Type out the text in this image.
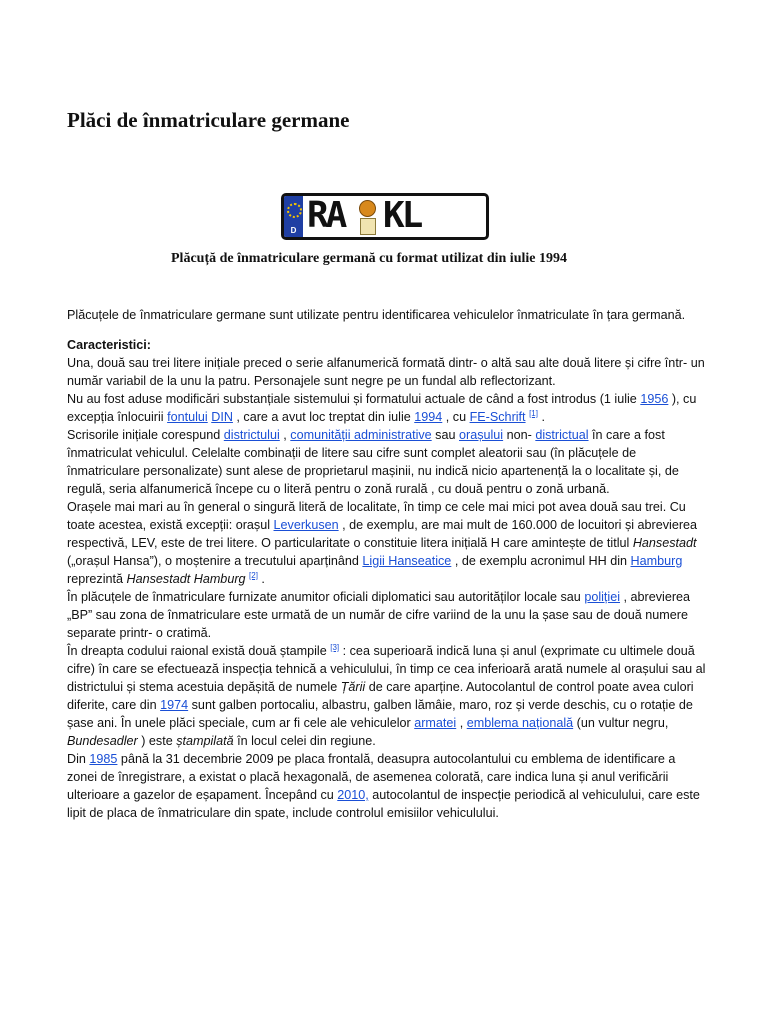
Plăci de înmatriculare germane
D RA KL
Plăcuță de înmatriculare germană cu format utilizat din iulie 1994

Plăcuțele de înmatriculare germane sunt utilizate pentru identificarea vehiculelor înmatriculate în țara germană.

Caracteristici:

Una, două sau trei litere inițiale preced o serie alfanumerică formată dintr- o altă sau alte două litere și cifre într- un număr variabil de la unu la patru. Personajele sunt negre pe un fundal alb reflectorizant.

Nu au fost aduse modificări substanțiale sistemului și formatului actuale de când a fost introdus (1 iulie 1956 ), cu excepția înlocuirii fontului DIN , care a avut loc treptat din iulie 1994 , cu FE-Schrift [1] .

Scrisorile inițiale corespund districtului , comunității administrative sau orașului non- districtual în care a fost înmatriculat vehiculul. Celelalte combinații de litere sau cifre sunt complet aleatorii sau (în plăcuțele de înmatriculare personalizate) sunt alese de proprietarul mașinii, nu indică nicio apartenență la o localitate și, de regulă, seria alfanumerică începe cu o literă pentru o zonă rurală , cu două pentru o zonă urbană.

Orașele mai mari au în general o singură literă de localitate, în timp ce cele mai mici pot avea două sau trei. Cu toate acestea, există excepții: orașul Leverkusen , de exemplu, are mai mult de 160.000 de locuitori și abrevierea respectivă, LEV, este de trei litere. O particularitate o constituie litera inițială H care amintește de titlul Hansestadt („orașul Hansa”), o moștenire a trecutului aparținând Ligii Hanseatice , de exemplu acronimul HH din Hamburg reprezintă Hansestadt Hamburg [2] .

În plăcuțele de înmatriculare furnizate anumitor oficiali diplomatici sau autorităților locale sau poliției , abrevierea „BP” sau zona de înmatriculare este urmată de un număr de cifre variind de la unu la șase sau de două numere separate printr- o cratimă.

În dreapta codului raional există două ștampile [3] : cea superioară indică luna și anul (exprimate cu ultimele două cifre) în care se efectuează inspecția tehnică a vehiculului, în timp ce cea inferioară arată numele al orașului sau al districtului și stema acestuia depășită de numele Țării de care aparține. Autocolantul de control poate avea culori diferite, care din 1974 sunt galben portocaliu, albastru, galben lămâie, maro, roz și verde deschis, cu o rotație de șase ani. În unele plăci speciale, cum ar fi cele ale vehiculelor armatei , emblema națională (un vultur negru, Bundesadler ) este ștampilată în locul celei din regiune.

Din 1985 până la 31 decembrie 2009 pe placa frontală, deasupra autocolantului cu emblema de identificare a zonei de înregistrare, a existat o placă hexagonală, de asemenea colorată, care indica luna și anul verificării ulterioare a gazelor de eșapament. Începând cu 2010, autocolantul de inspecție periodică al vehiculului, care este lipit de placa de înmatriculare din spate, include controlul emisiilor vehiculului.
